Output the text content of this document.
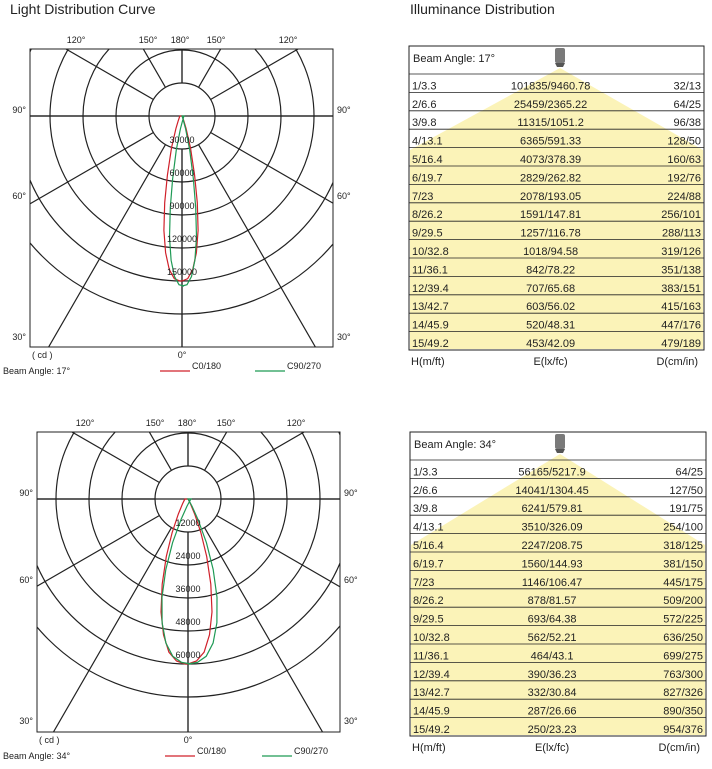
Light Distribution Curve	Illuminance Distribution
30000
60000
90000
120000
150000
120°	150° 180° 150°	120°
90°	90°
60°	60°
30°	30°
0°
( cd )
Beam Angle: 17°	C0/180	C90/270
12000
24000
36000
48000
60000
120°	150° 180° 150°	120°
90°	90°
60°	60°
30°	30°
0°
( cd )
Beam Angle: 34°	C0/180	C90/270
Beam Angle: 17°
1/3.3	101835/9460.78	32/13
2/6.6	25459/2365.22	64/25
3/9.8	11315/1051.2	96/38
4/13.1	6365/591.33	128/50
5/16.4	4073/378.39	160/63
6/19.7	2829/262.82	192/76
7/23	2078/193.05	224/88
8/26.2	1591/147.81	256/101
9/29.5	1257/116.78	288/113
10/32.8	1018/94.58	319/126
11/36.1	842/78.22	351/138
12/39.4	707/65.68	383/151
13/42.7	603/56.02	415/163
14/45.9	520/48.31	447/176
15/49.2	453/42.09	479/189
H(m/ft)	E(lx/fc)	D(cm/in)
Beam Angle: 34°
1/3.3	56165/5217.9	64/25
2/6.6	14041/1304.45	127/50
3/9.8	6241/579.81	191/75
4/13.1	3510/326.09	254/100
5/16.4	2247/208.75	318/125
6/19.7	1560/144.93	381/150
7/23	1146/106.47	445/175
8/26.2	878/81.57	509/200
9/29.5	693/64.38	572/225
10/32.8	562/52.21	636/250
11/36.1	464/43.1	699/275
12/39.4	390/36.23	763/300
13/42.7	332/30.84	827/326
14/45.9	287/26.66	890/350
15/49.2	250/23.23	954/376
H(m/ft)	E(lx/fc)	D(cm/in)
